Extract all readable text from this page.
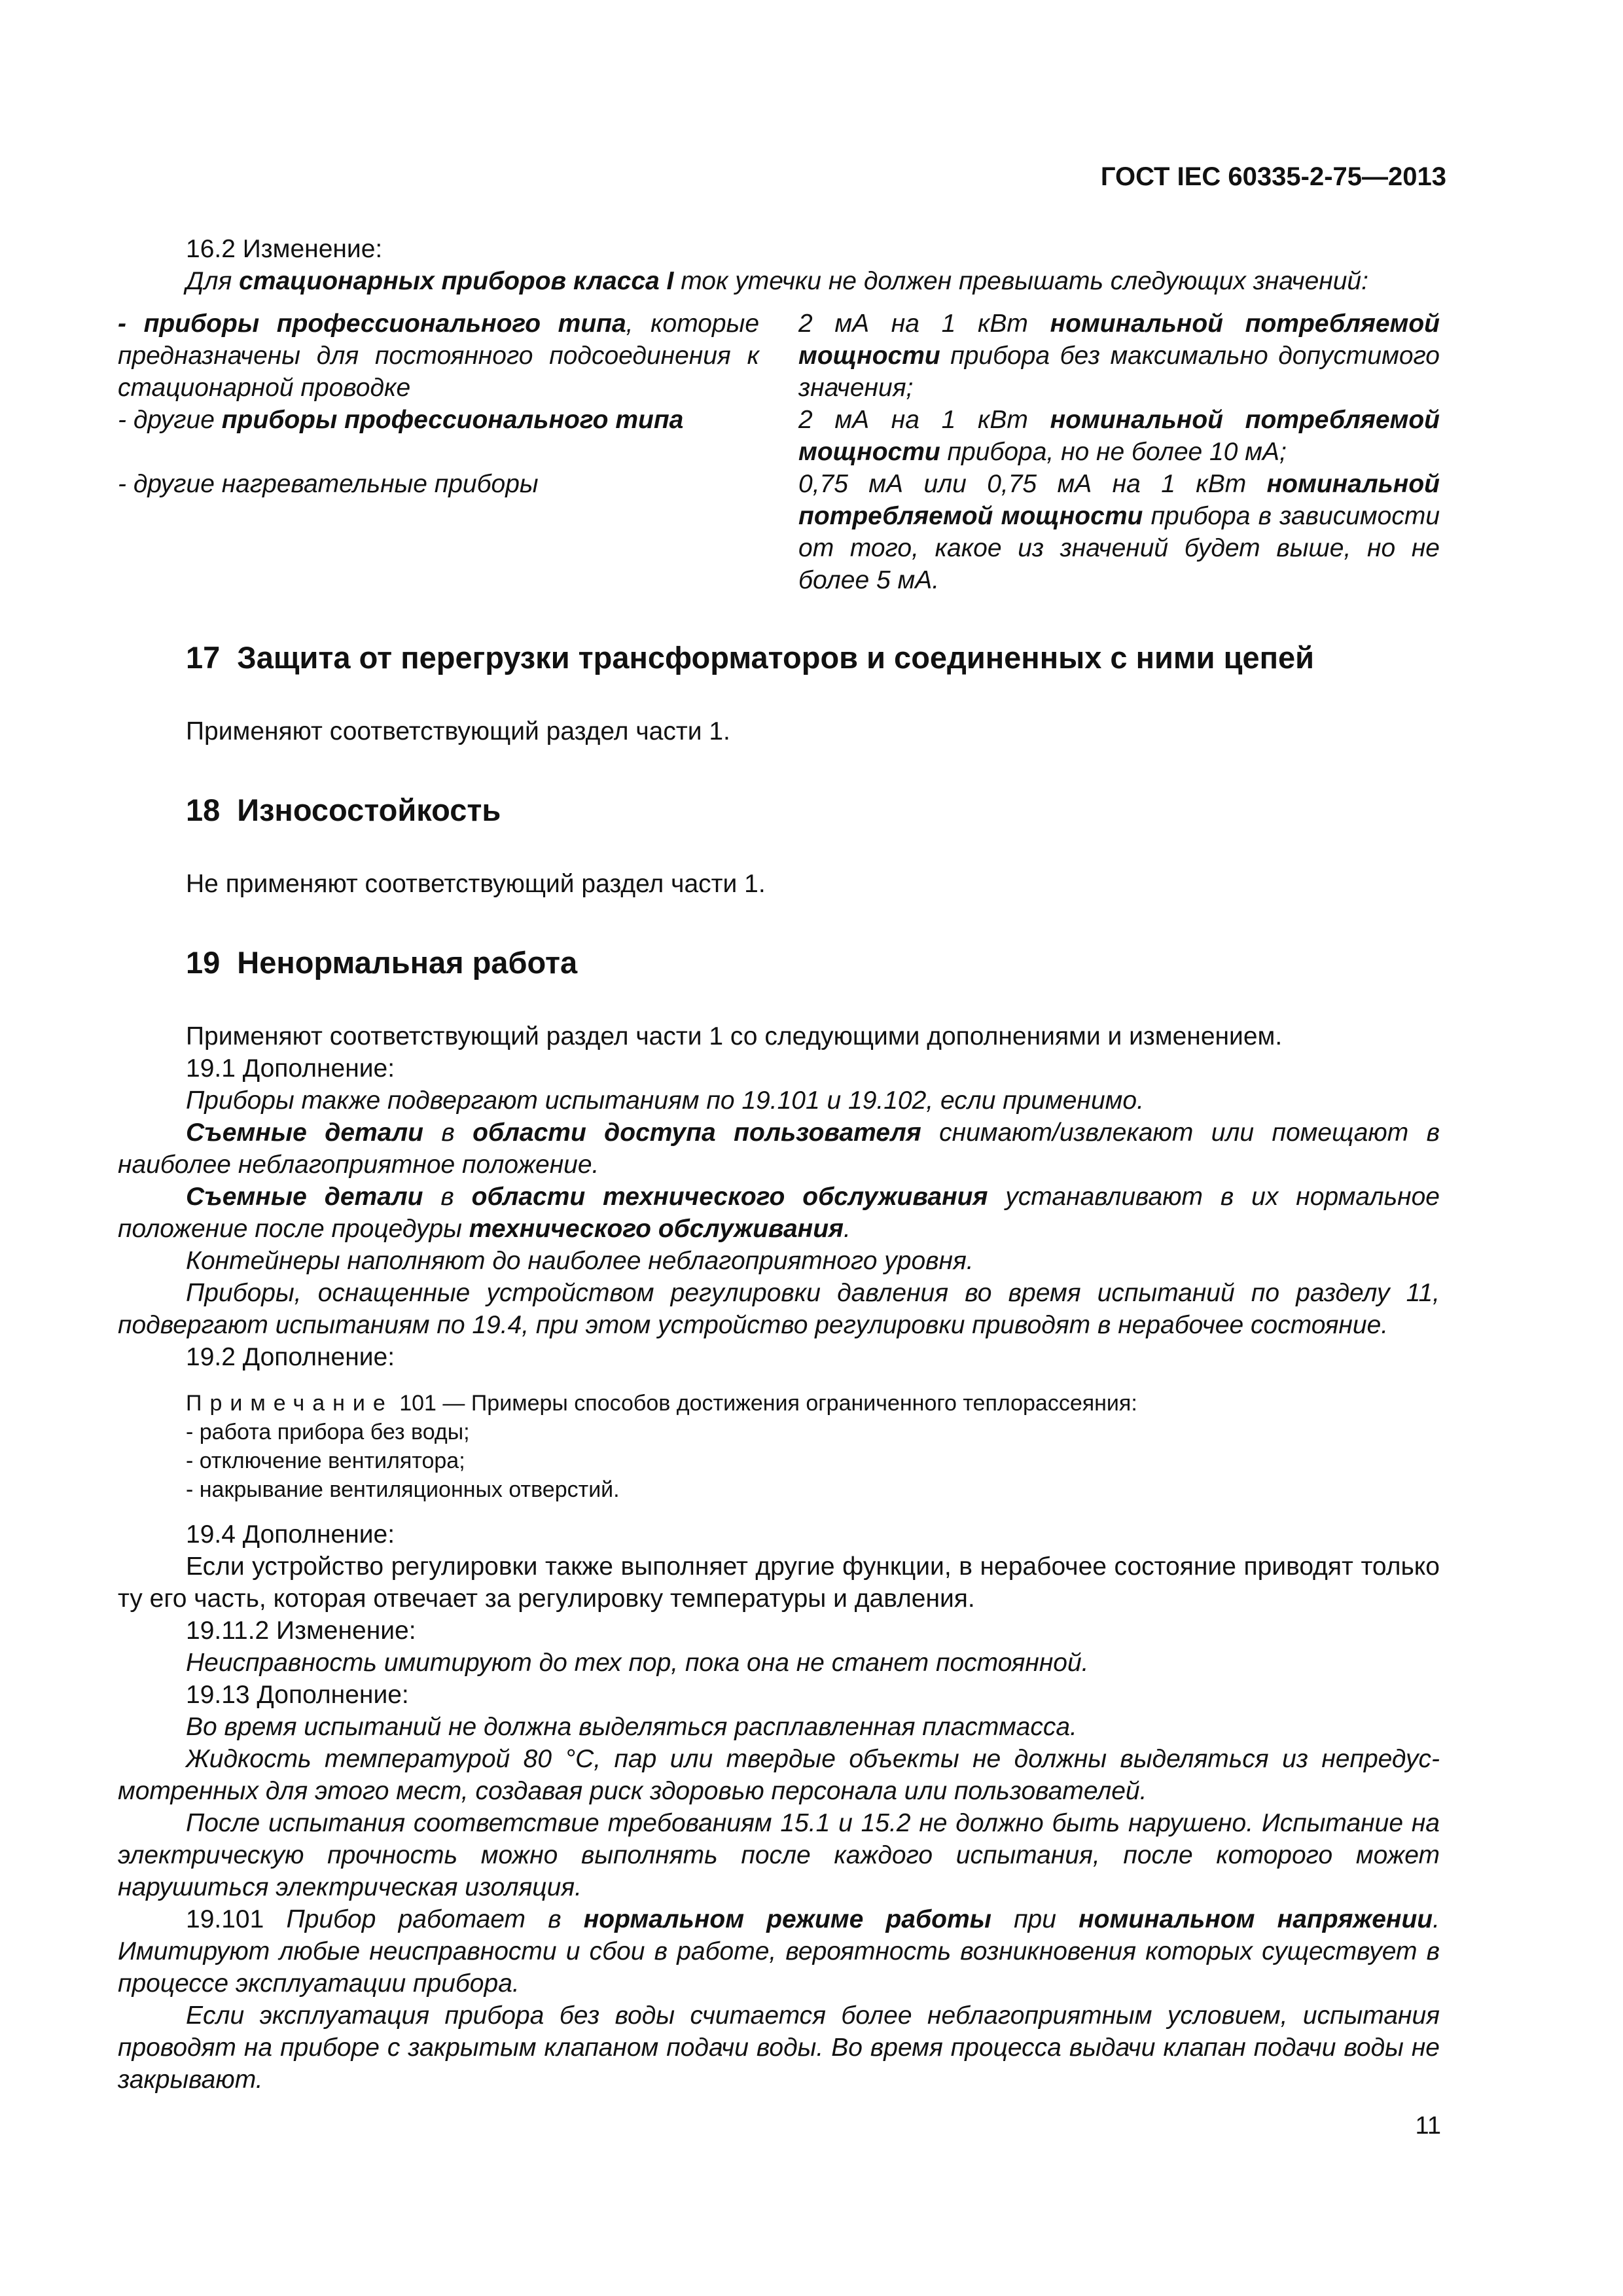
ГОСТ IEC 60335-2-75—2013

16.2 Изменение:

Для стационарных приборов класса I ток утечки не должен превышать следующих значений:

- приборы профессионального типа, которые предназначены для постоянного подсоединения к стационарной проводке

2 мА на 1 кВт номинальной потребляемой мощности прибора без максимально допустимого значения;

- другие приборы профессионального типа	2 мА на 1 кВт номинальной потребляемой мощности прибора, но не более 10 мА;

- другие нагревательные приборы	0,75 мА или 0,75 мА на 1 кВт номинальной потребляемой мощности прибора в зависимости от того, какое из значений будет выше, но не более 5 мА.

17 Защита от перегрузки трансформаторов и соединенных с ними цепей

Применяют соответствующий раздел части 1.

18 Износостойкость

Не применяют соответствующий раздел части 1.

19 Ненормальная работа

Применяют соответствующий раздел части 1 со следующими дополнениями и изменением.

19.1 Дополнение:

Приборы также подвергают испытаниям по 19.101 и 19.102, если применимо.

Съемные детали в области доступа пользователя снимают/извлекают или помещают в наиболее неблагоприятное положение.

Съемные детали в области технического обслуживания устанавливают в их нормальное положение после процедуры технического обслуживания.

Контейнеры наполняют до наиболее неблагоприятного уровня.

Приборы, оснащенные устройством регулировки давления во время испытаний по разделу 11, подвергают испытаниям по 19.4, при этом устройство регулировки приводят в нерабочее состояние.

19.2 Дополнение:

Примечание 101 — Примеры способов достижения ограниченного теплорассеяния:

- работа прибора без воды;

- отключение вентилятора;

- накрывание вентиляционных отверстий.

19.4 Дополнение:

Если устройство регулировки также выполняет другие функции, в нерабочее состояние приводят только ту его часть, которая отвечает за регулировку температуры и давления.

19.11.2 Изменение:

Неисправность имитируют до тех пор, пока она не станет постоянной.

19.13 Дополнение:

Во время испытаний не должна выделяться расплавленная пластмасса.

Жидкость температурой 80 °С, пар или твердые объекты не должны выделяться из непредусмотренных для этого мест, создавая риск здоровью персонала или пользователей.

После испытания соответствие требованиям 15.1 и 15.2 не должно быть нарушено. Испытание на электрическую прочность можно выполнять после каждого испытания, после которого может нарушиться электрическая изоляция.

19.101 Прибор работает в нормальном режиме работы при номинальном напряжении. Имитируют любые неисправности и сбои в работе, вероятность возникновения которых существует в процессе эксплуатации прибора.

Если эксплуатация прибора без воды считается более неблагоприятным условием, испытания проводят на приборе с закрытым клапаном подачи воды. Во время процесса выдачи клапан подачи воды не закрывают.

11
